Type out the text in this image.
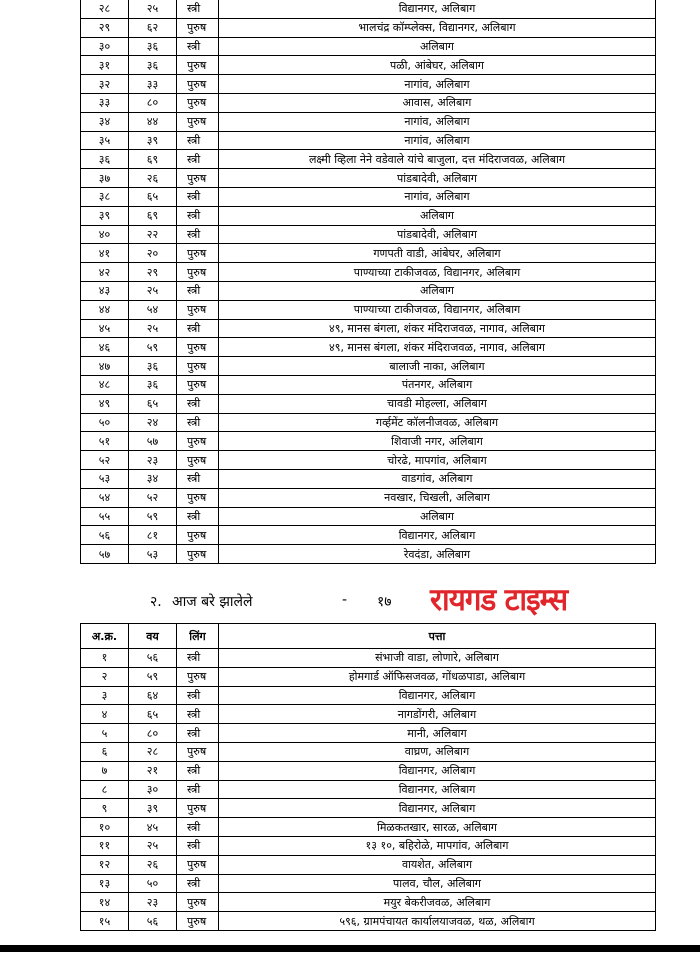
२८	२५	स्त्री	विद्यानगर, अलिबाग
२९	६२	पुरुष	भालचंद्र कॉम्प्लेक्स, विद्यानगर, अलिबाग
३०	३६	स्त्री	अलिबाग
३१	३६	पुरुष	पळी, आंबेघर, अलिबाग
३२	३३	पुरुष	नागांव, अलिबाग
३३	८०	पुरुष	आवास, अलिबाग
३४	४४	पुरुष	नागांव, अलिबाग
३५	३९	स्त्री	नागांव, अलिबाग
३६	६९	स्त्री	लक्ष्मी व्हिला नेने वडेवाले यांचे बाजुला, दत्त मंदिराजवळ, अलिबाग
३७	२६	पुरुष	पांडबादेवी, अलिबाग
३८	६५	स्त्री	नागांव, अलिबाग
३९	६९	स्त्री	अलिबाग
४०	२२	स्त्री	पांडबादेवी, अलिबाग
४१	२०	पुरुष	गणपती वाडी, आंबेघर, अलिबाग
४२	२९	पुरुष	पाण्याच्या टाकीजवळ, विद्यानगर, अलिबाग
४३	२५	स्त्री	अलिबाग
४४	५४	पुरुष	पाण्याच्या टाकीजवळ, विद्यानगर, अलिबाग
४५	२५	स्त्री	४९, मानस बंगला, शंकर मंदिराजवळ, नागाव, अलिबाग
४६	५९	पुरुष	४९, मानस बंगला, शंकर मंदिराजवळ, नागाव, अलिबाग
४७	३६	पुरुष	बालाजी नाका, अलिबाग
४८	३६	पुरुष	पंतनगर, अलिबाग
४९	६५	स्त्री	चावडी मोहल्ला, अलिबाग
५०	२४	स्त्री	गर्व्हमेंट कॉलनीजवळ, अलिबाग
५१	५७	पुरुष	शिवाजी नगर, अलिबाग
५२	२३	पुरुष	चोरढे, मापगांव, अलिबाग
५३	३४	स्त्री	वाडगांव, अलिबाग
५४	५२	पुरुष	नवखार, चिखली, अलिबाग
५५	५९	स्त्री	अलिबाग
५६	८१	पुरुष	विद्यानगर, अलिबाग
५७	५३	पुरुष	रेवदंडा, अलिबाग
२. आज बरे झालेले	- १७ रायगड टाइम्स
अ.क्र.	वय	लिंग	पत्ता
१	५६	स्त्री	संभाजी वाडा, लोणारे, अलिबाग
२	५९	पुरुष	होमगार्ड ऑफिसजवळ, गोंधळपाडा, अलिबाग
३	६४	स्त्री	विद्यानगर, अलिबाग
४	६५	स्त्री	नागडोंगरी, अलिबाग
५	८०	स्त्री	मानी, अलिबाग
६	२८	पुरुष	वाघ्रण, अलिबाग
७	२१	स्त्री	विद्यानगर, अलिबाग
८	३०	स्त्री	विद्यानगर, अलिबाग
९	३९	पुरुष	विद्यानगर, अलिबाग
१०	४५	स्त्री	मिळकतखार, सारळ, अलिबाग
११	२५	स्त्री	१३ १०, बहिरोळे, मापगांव, अलिबाग
१२	२६	पुरुष	वायशेत, अलिबाग
१३	५०	स्त्री	पालव, चौल, अलिबाग
१४	२३	पुरुष	मयुर बेकरीजवळ, अलिबाग
१५	५६	पुरुष	५९६, ग्रामपंचायत कार्यालयाजवळ, थळ, अलिबाग
